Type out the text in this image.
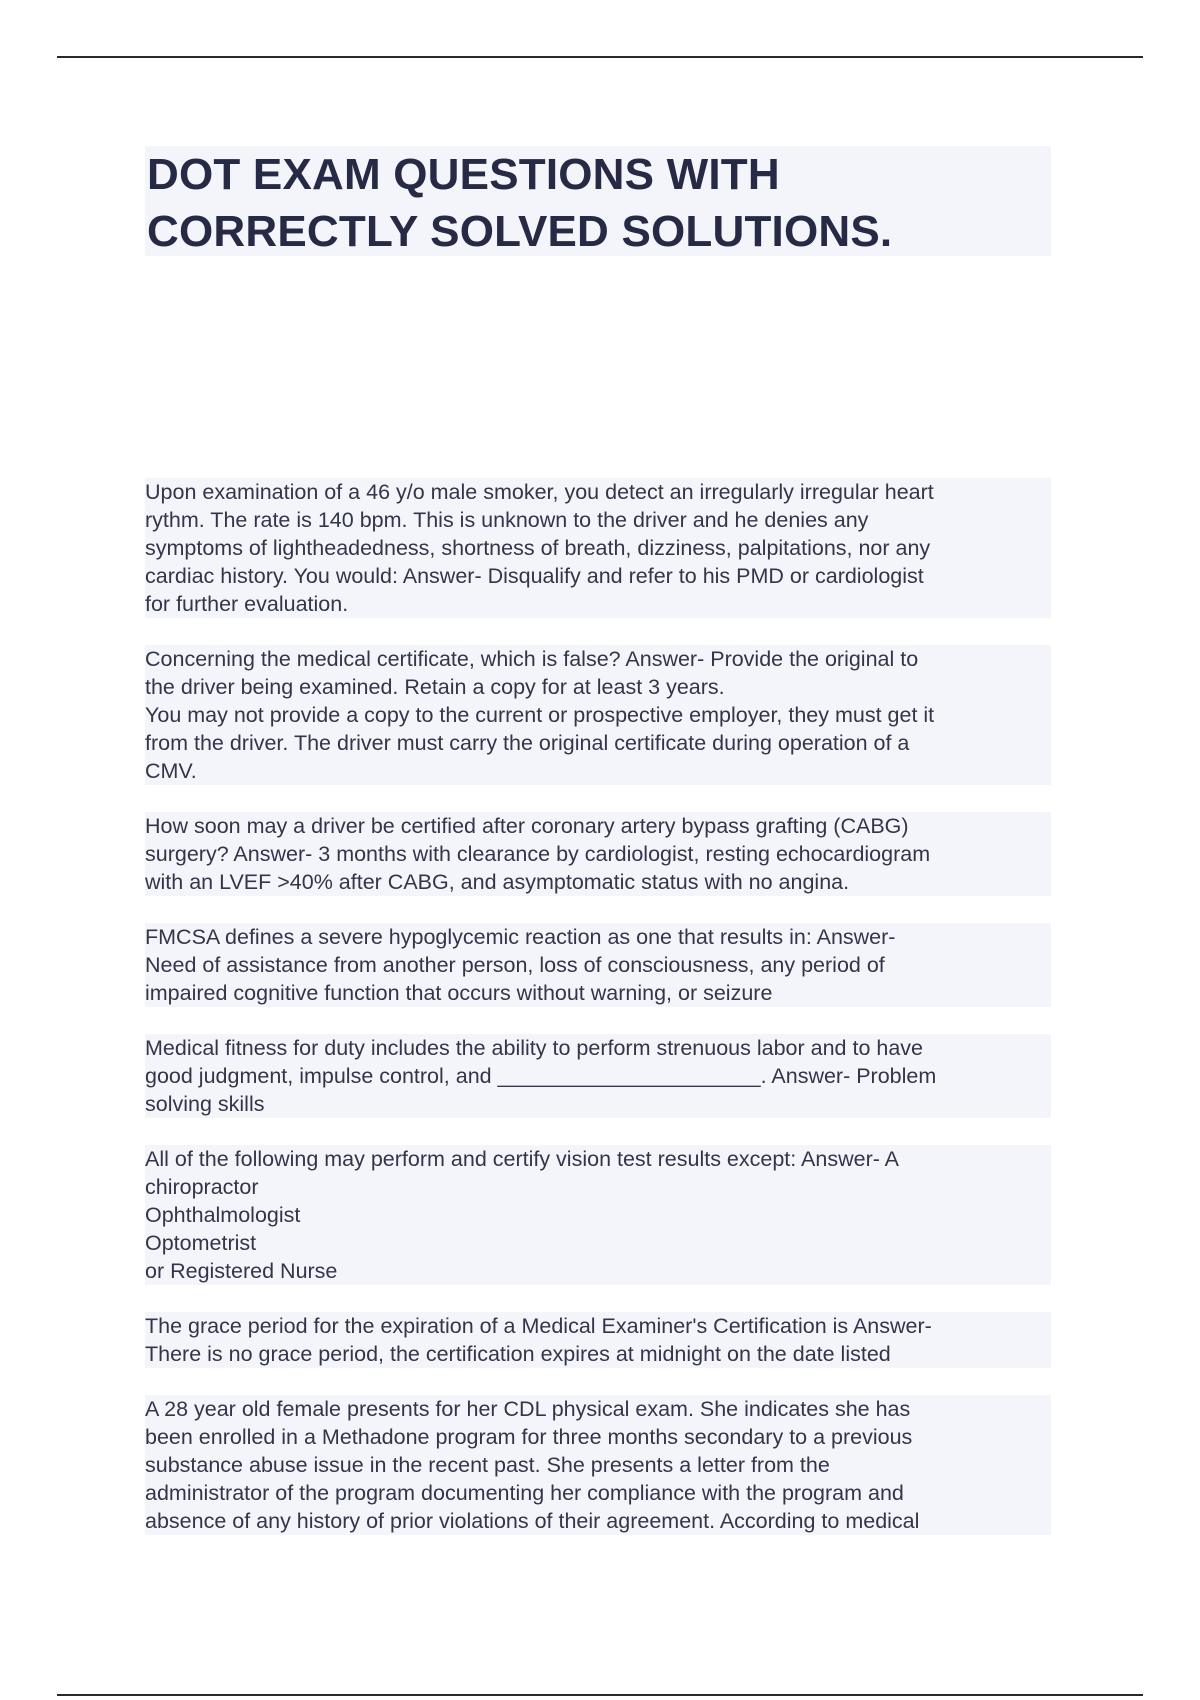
DOT EXAM QUESTIONS WITH
CORRECTLY SOLVED SOLUTIONS.
Upon examination of a 46 y/o male smoker, you detect an irregularly irregular heart
rythm. The rate is 140 bpm. This is unknown to the driver and he denies any
symptoms of lightheadedness, shortness of breath, dizziness, palpitations, nor any
cardiac history. You would: Answer- Disqualify and refer to his PMD or cardiologist
for further evaluation.
Concerning the medical certificate, which is false? Answer- Provide the original to
the driver being examined. Retain a copy for at least 3 years.
You may not provide a copy to the current or prospective employer, they must get it
from the driver. The driver must carry the original certificate during operation of a
CMV.
How soon may a driver be certified after coronary artery bypass grafting (CABG)
surgery? Answer- 3 months with clearance by cardiologist, resting echocardiogram
with an LVEF >40% after CABG, and asymptomatic status with no angina.
FMCSA defines a severe hypoglycemic reaction as one that results in: Answer-
Need of assistance from another person, loss of consciousness, any period of
impaired cognitive function that occurs without warning, or seizure
Medical fitness for duty includes the ability to perform strenuous labor and to have
good judgment, impulse control, and ______________________. Answer- Problem
solving skills
All of the following may perform and certify vision test results except: Answer- A
chiropractor
Ophthalmologist
Optometrist
or Registered Nurse
The grace period for the expiration of a Medical Examiner's Certification is Answer-
There is no grace period, the certification expires at midnight on the date listed
A 28 year old female presents for her CDL physical exam. She indicates she has
been enrolled in a Methadone program for three months secondary to a previous
substance abuse issue in the recent past. She presents a letter from the
administrator of the program documenting her compliance with the program and
absence of any history of prior violations of their agreement. According to medical
